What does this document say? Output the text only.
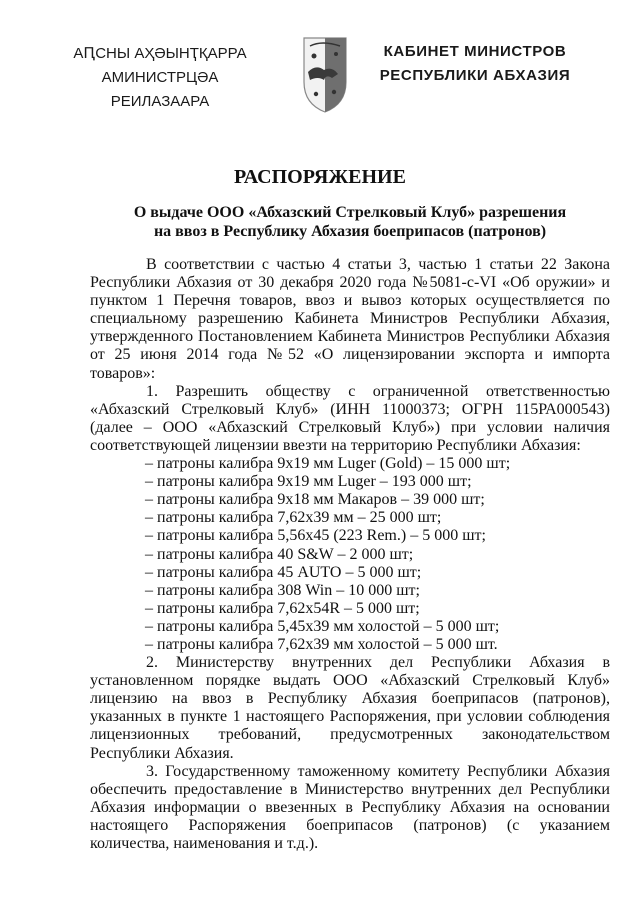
АԤСНЫ АҲӘЫНҬҚАРРА
АМИНИСТРЦӘА РЕИЛАЗААРА
КАБИНЕТ МИНИСТРОВ
РЕСПУБЛИКИ АБХАЗИЯ
РАСПОРЯЖЕНИЕ
О выдаче ООО «Абхазский Стрелковый Клуб» разрешения
на ввоз в Республику Абхазия боеприпасов (патронов)
В соответствии с частью 4 статьи 3, частью 1 статьи 22 Закона
Республики Абхазия от 30 декабря 2020 года №5081-с-VI «Об оружии» и
пунктом 1 Перечня товаров, ввоз и вывоз которых осуществляется по
специальному разрешению Кабинета Министров Республики Абхазия,
утвержденного Постановлением Кабинета Министров Республики Абхазия
от 25 июня 2014 года №52 «О лицензировании экспорта и импорта
товаров»:
1. Разрешить обществу с ограниченной ответственностью
«Абхазский Стрелковый Клуб» (ИНН 11000373; ОГРН 115РА000543)
(далее – ООО «Абхазский Стрелковый Клуб») при условии наличия
соответствующей лицензии ввезти на территорию Республики Абхазия:
– патроны калибра 9x19 мм Luger (Gold) – 15 000 шт;
– патроны калибра 9x19 мм Luger – 193 000 шт;
– патроны калибра 9x18 мм Макаров – 39 000 шт;
– патроны калибра 7,62x39 мм – 25 000 шт;
– патроны калибра 5,56x45 (223 Rem.) – 5 000 шт;
– патроны калибра 40 S&W – 2 000 шт;
– патроны калибра 45 AUTO – 5 000 шт;
– патроны калибра 308 Win – 10 000 шт;
– патроны калибра 7,62x54R – 5 000 шт;
– патроны калибра 5,45x39 мм холостой – 5 000 шт;
– патроны калибра 7,62x39 мм холостой – 5 000 шт.
2. Министерству внутренних дел Республики Абхазия в
установленном порядке выдать ООО «Абхазский Стрелковый Клуб»
лицензию на ввоз в Республику Абхазия боеприпасов (патронов),
указанных в пункте 1 настоящего Распоряжения, при условии соблюдения
лицензионных требований, предусмотренных законодательством
Республики Абхазия.
3. Государственному таможенному комитету Республики Абхазия
обеспечить предоставление в Министерство внутренних дел Республики
Абхазия информации о ввезенных в Республику Абхазия на основании
настоящего Распоряжения боеприпасов (патронов) (с указанием
количества, наименования и т.д.).
